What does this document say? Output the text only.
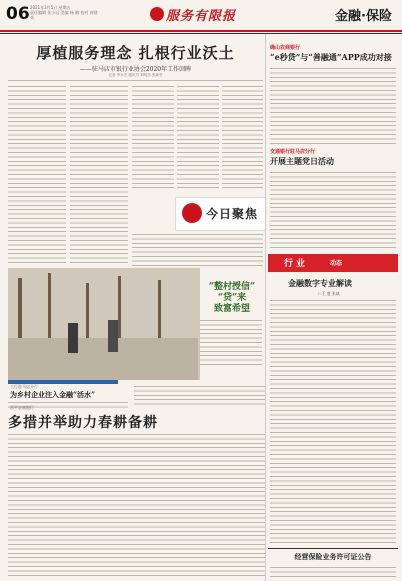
06 2021年3月5日 星期五
责任编辑 张小远 美编 杨 楠 校对 郭建英	服务有限报	金融·保险
厚植服务理念 扎根行业沃土
——驻马店市银行业协会2020年工作回眸
记者 李永杰 通讯员 刘明杰 张新莹
今日聚焦
“整村授信”
“贷”来
致富希望
工行驻马店分行
为乡村企业注入金融“活水”
西平农商银行
多措并举助力春耕备耕
确山农商银行
“e秒贷”与“善融通”APP成功对接
交通银行驻马店分行
开展主题党日活动
行业	动态
金融数字专业解读
□ 王 盛 张斌
经营保险业务许可证公告
